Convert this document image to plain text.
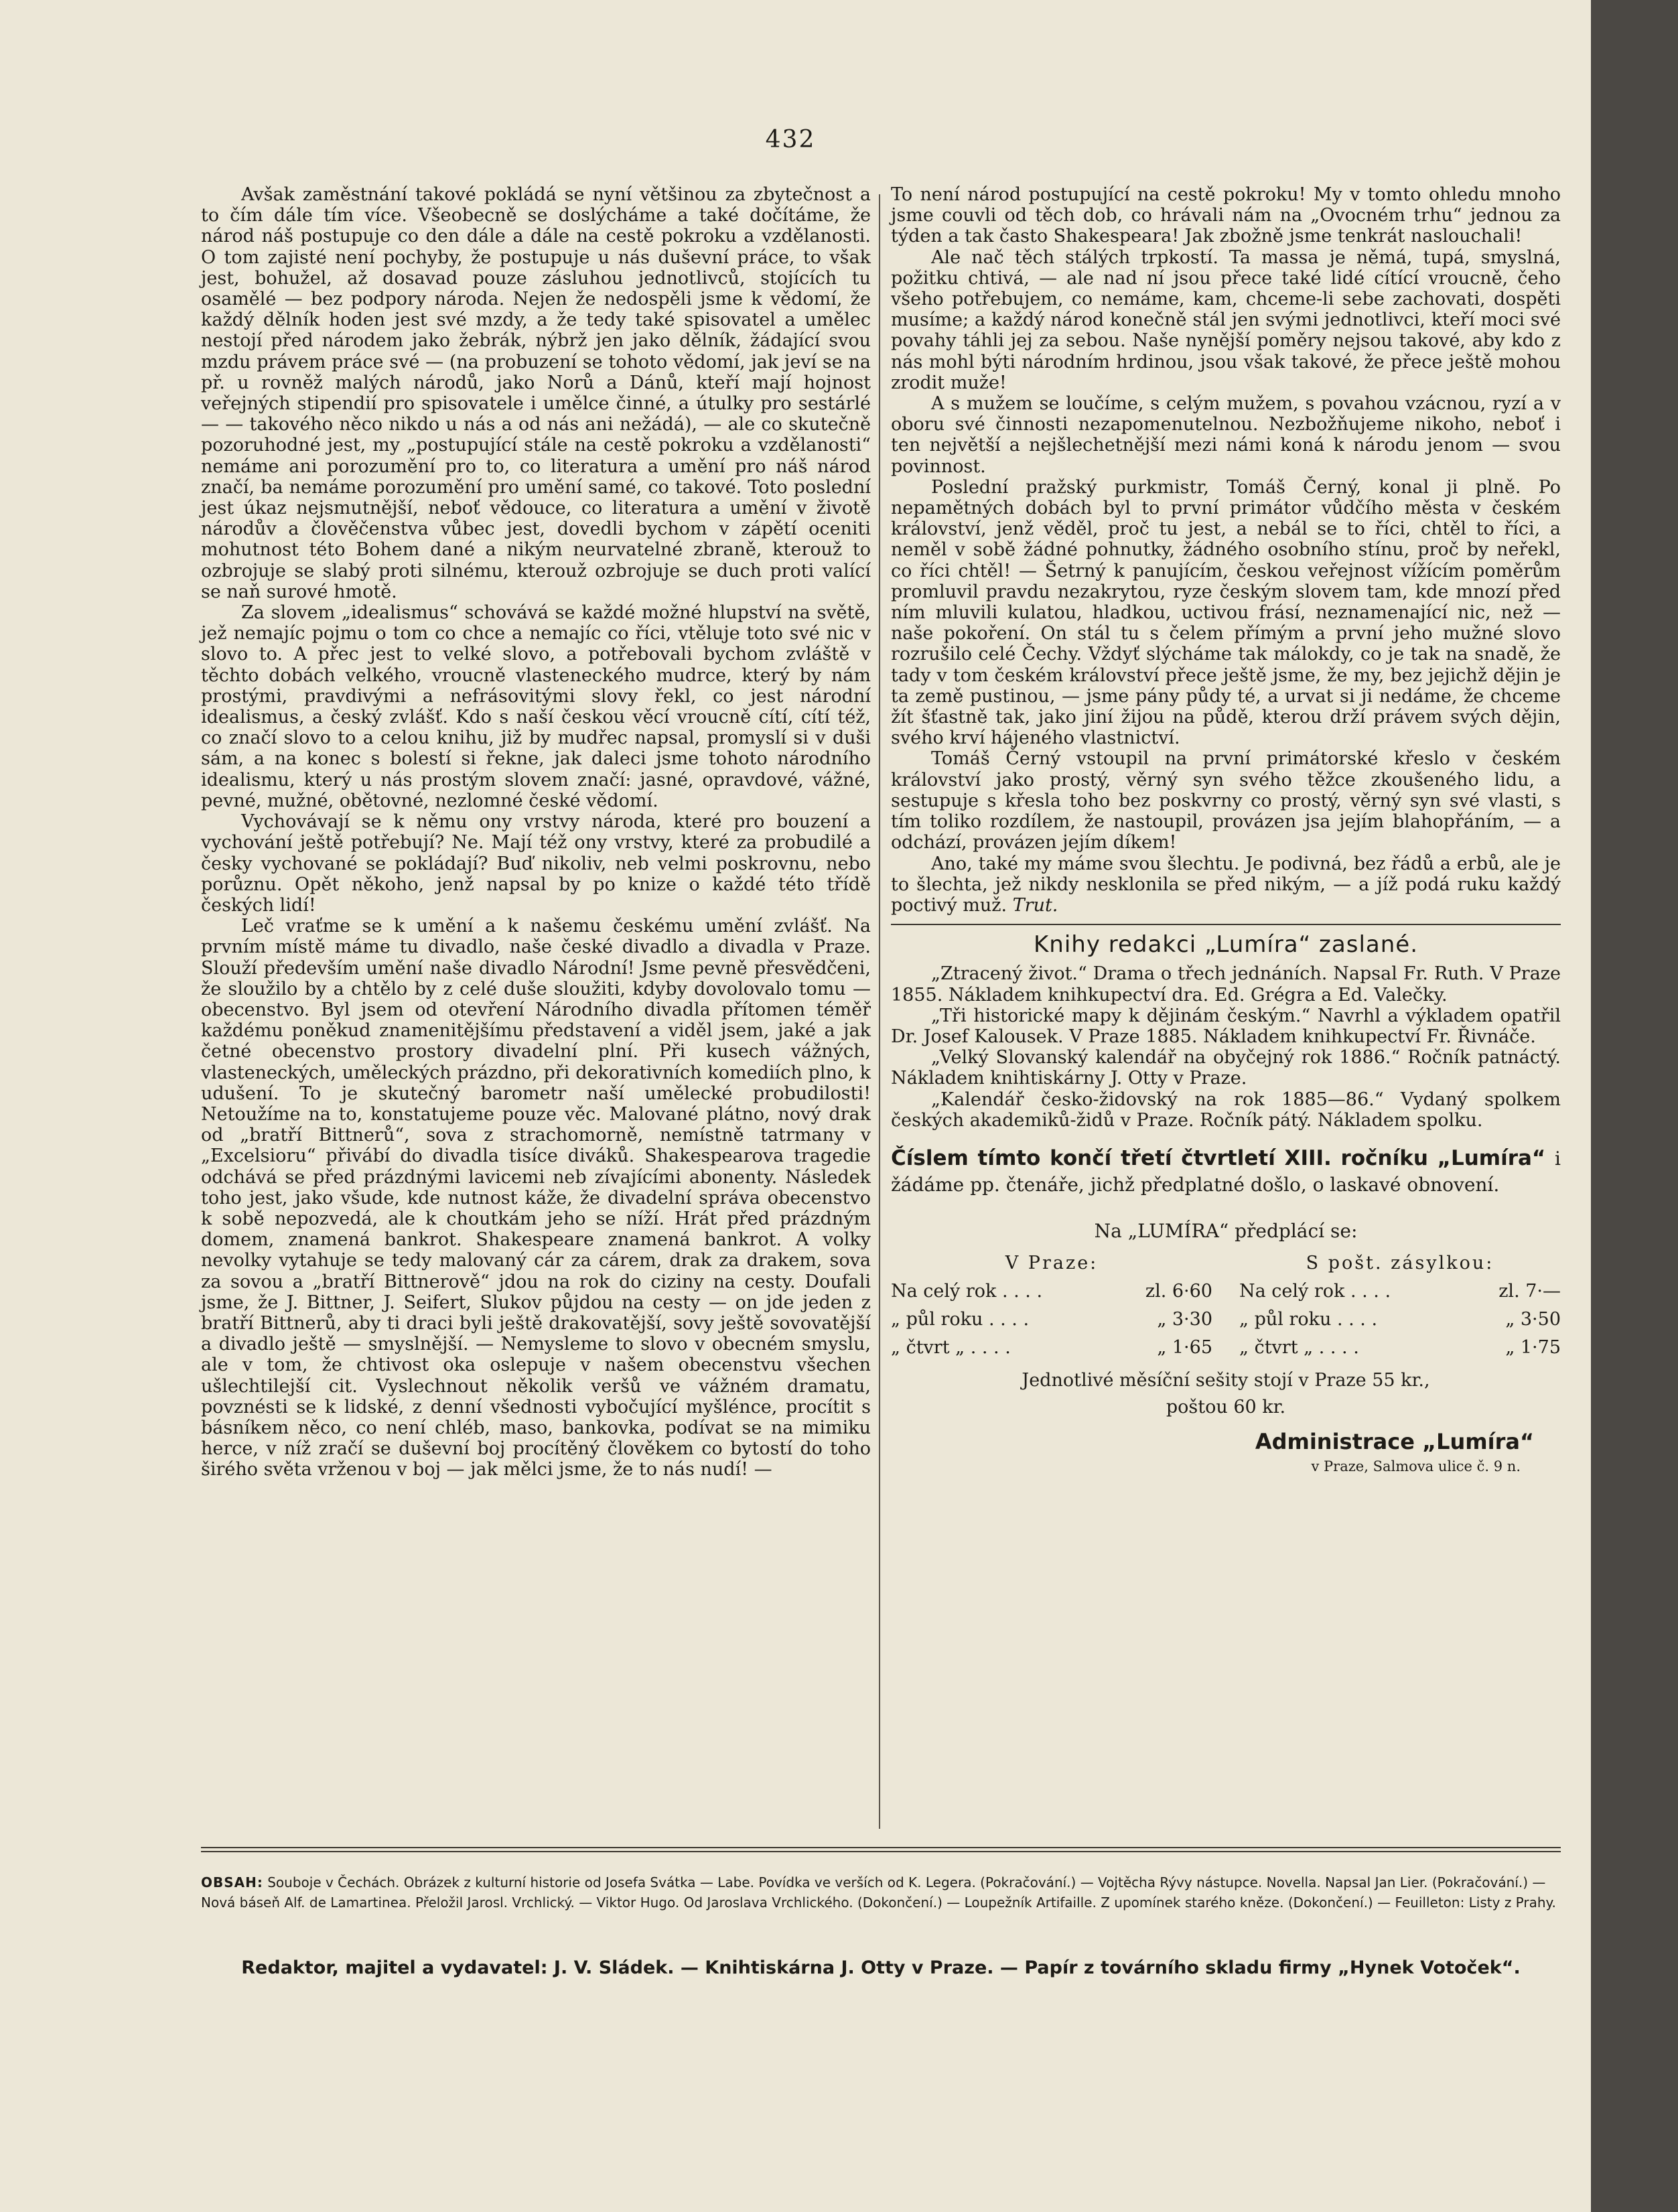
432

Avšak zaměstnání takové pokládá se nyní většinou za zbytečnost a to čím dále tím více. Všeobecně se doslýcháme a také dočítáme, že národ náš postupuje co den dále a dále na cestě pokroku a vzdělanosti. O tom zajisté není pochyby, že postupuje u nás duševní práce, to však jest, bohužel, až dosavad pouze zásluhou jednotlivců, stojících tu osamělé — bez podpory národa. Nejen že nedospěli jsme k vědomí, že každý dělník hoden jest své mzdy, a že tedy také spisovatel a umělec nestojí před národem jako žebrák, nýbrž jen jako dělník, žádající svou mzdu právem práce své — (na probuzení se tohoto vědomí, jak jeví se na př. u rovněž malých národů, jako Norů a Dánů, kteří mají hojnost veřejných stipendií pro spisovatele i umělce činné, a útulky pro sestárlé — — takového něco nikdo u nás a od nás ani nežádá), — ale co skutečně pozoruhodné jest, my „postupující stále na cestě pokroku a vzdělanosti“ nemáme ani porozumění pro to, co literatura a umění pro náš národ značí, ba nemáme porozumění pro umění samé, co takové. Toto poslední jest úkaz nejsmutnější, neboť vědouce, co literatura a umění v životě národův a člověčenstva vůbec jest, dovedli bychom v zápětí oceniti mohutnost této Bohem dané a nikým neurvatelné zbraně, kterouž to ozbrojuje se slabý proti silnému, kterouž ozbrojuje se duch proti valící se naň surové hmotě.

Za slovem „idealismus“ schovává se každé možné hlupství na světě, jež nemajíc pojmu o tom co chce a nemajíc co říci, vtěluje toto své nic v slovo to. A přec jest to velké slovo, a potřebovali bychom zvláště v těchto dobách velkého, vroucně vlasteneckého mudrce, který by nám prostými, pravdivými a nefrásovitými slovy řekl, co jest národní idealismus, a český zvlášť. Kdo s naší českou věcí vroucně cítí, cítí též, co značí slovo to a celou knihu, již by mudřec napsal, promyslí si v duši sám, a na konec s bolestí si řekne, jak daleci jsme tohoto národního idealismu, který u nás prostým slovem značí: jasné, opravdové, vážné, pevné, mužné, obětovné, nezlomné české vědomí.

Vychovávají se k němu ony vrstvy národa, které pro bouzení a vychování ještě potřebují? Ne. Mají též ony vrstvy, které za probudilé a česky vychované se pokládají? Buď nikoliv, neb velmi poskrovnu, nebo porůznu. Opět někoho, jenž napsal by po knize o každé této třídě českých lidí!

Leč vraťme se k umění a k našemu českému umění zvlášť. Na prvním místě máme tu divadlo, naše české divadlo a divadla v Praze. Slouží především umění naše divadlo Národní! Jsme pevně přesvědčeni, že sloužilo by a chtělo by z celé duše sloužiti, kdyby dovolovalo tomu — obecenstvo. Byl jsem od otevření Národního divadla přítomen téměř každému poněkud znamenitějšímu představení a viděl jsem, jaké a jak četné obecenstvo prostory divadelní plní. Při kusech vážných, vlasteneckých, uměleckých prázdno, při dekorativních komediích plno, k udušení. To je skutečný barometr naší umělecké probudilosti! Netoužíme na to, konstatujeme pouze věc. Malované plátno, nový drak od „bratří Bittnerů“, sova z strachomorně, nemístně tatrmany v „Excelsioru“ přivábí do divadla tisíce diváků. Shakespearova tragedie odchává se před prázdnými lavicemi neb zívajícími abonenty. Následek toho jest, jako všude, kde nutnost káže, že divadelní správa obecenstvo k sobě nepozvedá, ale k choutkám jeho se níží. Hrát před prázdným domem, znamená bankrot. Shakespeare znamená bankrot. A volky nevolky vytahuje se tedy malovaný cár za cárem, drak za drakem, sova za sovou a „bratří Bittnerově“ jdou na rok do ciziny na cesty. Doufali jsme, že J. Bittner, J. Seifert, Slukov půjdou na cesty — on jde jeden z bratří Bittnerů, aby ti draci byli ještě drakovatější, sovy ještě sovovatější a divadlo ještě — smyslnější. — Nemysleme to slovo v obecném smyslu, ale v tom, že chtivost oka oslepuje v našem obecenstvu všechen ušlechtilejší cit. Vyslechnout několik veršů ve vážném dramatu, povznésti se k lidské, z denní všednosti vybočující myšlénce, procítit s básníkem něco, co není chléb, maso, bankovka, podívat se na mimiku herce, v níž zračí se duševní boj procítěný člověkem co bytostí do toho širého světa vrženou v boj — jak mělci jsme, že to nás nudí! —

To není národ postupující na cestě pokroku! My v tomto ohledu mnoho jsme couvli od těch dob, co hrávali nám na „Ovocném trhu“ jednou za týden a tak často Shakespeara! Jak zbožně jsme tenkrát naslouchali!

Ale nač těch stálých trpkostí. Ta massa je němá, tupá, smyslná, požitku chtivá, — ale nad ní jsou přece také lidé cítící vroucně, čeho všeho potřebujem, co nemáme, kam, chceme-li sebe zachovati, dospěti musíme; a každý národ konečně stál jen svými jednotlivci, kteří moci své povahy táhli jej za sebou. Naše nynější poměry nejsou takové, aby kdo z nás mohl býti národním hrdinou, jsou však takové, že přece ještě mohou zrodit muže!

A s mužem se loučíme, s celým mužem, s povahou vzácnou, ryzí a v oboru své činnosti nezapomenutelnou. Nezbožňujeme nikoho, neboť i ten největší a nejšlechetnější mezi námi koná k národu jenom — svou povinnost.

Poslední pražský purkmistr, Tomáš Černý, konal ji plně. Po nepamětných dobách byl to první primátor vůdčího města v českém království, jenž věděl, proč tu jest, a nebál se to říci, chtěl to říci, a neměl v sobě žádné pohnutky, žádného osobního stínu, proč by neřekl, co říci chtěl! — Šetrný k panujícím, českou veřejnost vížícím poměrům promluvil pravdu nezakrytou, ryze českým slovem tam, kde mnozí před ním mluvili kulatou, hladkou, uctivou frásí, neznamenající nic, než — naše pokoření. On stál tu s čelem přímým a první jeho mužné slovo rozrušilo celé Čechy. Vždyť slýcháme tak málokdy, co je tak na snadě, že tady v tom českém království přece ještě jsme, že my, bez jejichž dějin je ta země pustinou, — jsme pány půdy té, a urvat si ji nedáme, že chceme žít šťastně tak, jako jiní žijou na půdě, kterou drží právem svých dějin, svého krví hájeného vlastnictví.

Tomáš Černý vstoupil na první primátorské křeslo v českém království jako prostý, věrný syn svého těžce zkoušeného lidu, a sestupuje s křesla toho bez poskvrny co prostý, věrný syn své vlasti, s tím toliko rozdílem, že nastoupil, provázen jsa jejím blahopřáním, — a odchází, provázen jejím díkem!

Ano, také my máme svou šlechtu. Je podivná, bez řádů a erbů, ale je to šlechta, jež nikdy nesklonila se před nikým, — a jíž podá ruku každý poctivý muž. Trut.

Knihy redakci „Lumíra“ zaslané.

„Ztracený život.“ Drama o třech jednáních. Napsal Fr. Ruth. V Praze 1855. Nákladem knihkupectví dra. Ed. Grégra a Ed. Valečky.

„Tři historické mapy k dějinám českým.“ Navrhl a výkladem opatřil Dr. Josef Kalousek. V Praze 1885. Nákladem knihkupectví Fr. Řivnáče.

„Velký Slovanský kalendář na obyčejný rok 1886.“ Ročník patnáctý. Nákladem knihtiskárny J. Otty v Praze.

„Kalendář česko-židovský na rok 1885—86.“ Vydaný spolkem českých akademiků-židů v Praze. Ročník pátý. Nákladem spolku.

Číslem tímto končí třetí čtvrtletí XIII. ročníku „Lumíra“ i žádáme pp. čtenáře, jichž předplatné došlo, o laskavé obnovení.
Na „LUMÍRA“ předplácí se:
V Praze:
Na celý rok . . . .	zl. 6·60
„ půl roku . . . .	„ 3·30
„ čtvrt „ . . . .	„ 1·65
S pošt. zásylkou:
Na celý rok . . . .	zl. 7·—
„ půl roku . . . .	„ 3·50
„ čtvrt „ . . . .	„ 1·75
Jednotlivé měsíční sešity stojí v Praze 55 kr.,
poštou 60 kr.
Administrace „Lumíra“
v Praze, Salmova ulice č. 9 n.
OBSAH: Souboje v Čechách. Obrázek z kulturní historie od Josefa Svátka — Labe. Povídka ve verších od K. Legera. (Pokračování.) — Vojtěcha Rývy nástupce. Novella. Napsal Jan Lier. (Pokračování.) — Nová báseň Alf. de Lamartinea. Přeložil Jarosl. Vrchlický. — Viktor Hugo. Od Jaroslava Vrchlického. (Dokončení.) — Loupežník Artifaille. Z upomínek starého kněze. (Dokončení.) — Feuilleton: Listy z Prahy.
Redaktor, majitel a vydavatel: J. V. Sládek. — Knihtiskárna J. Otty v Praze. — Papír z továrního skladu firmy „Hynek Votoček“.
